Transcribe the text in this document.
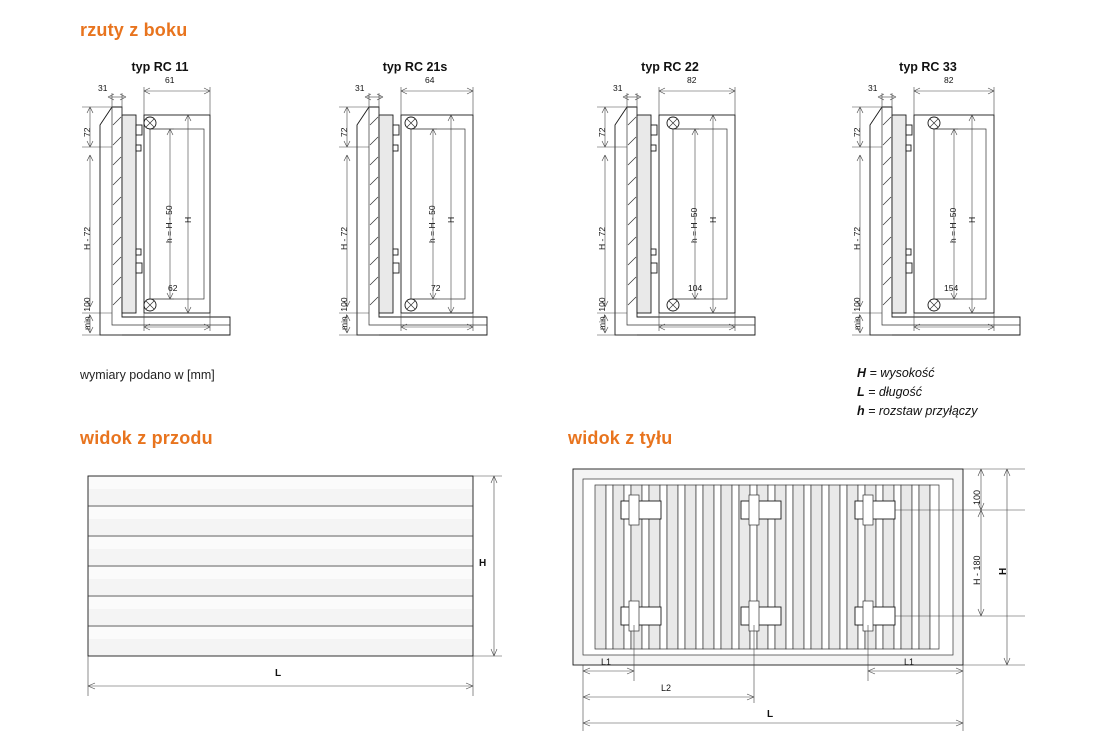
rzuty z boku
typ RC 11	typ RC 21s	typ RC 22	typ RC 33
31
61
72
H - 72
min. 100
h = H - 50 H
62
31
64
72
H - 72
min. 100
h = H - 50 H
72
31
82
72
H - 72
min. 100
h = H -50 H
104
31
82
72
H - 72
min. 100
h = H -50 H
154
wymiary podano w [mm]	H = wysokość
L = długość
h = rozstaw przyłączy
widok z przodu
H
L
widok z tyłu
100
H - 180 H
L1	L1
L2
L
